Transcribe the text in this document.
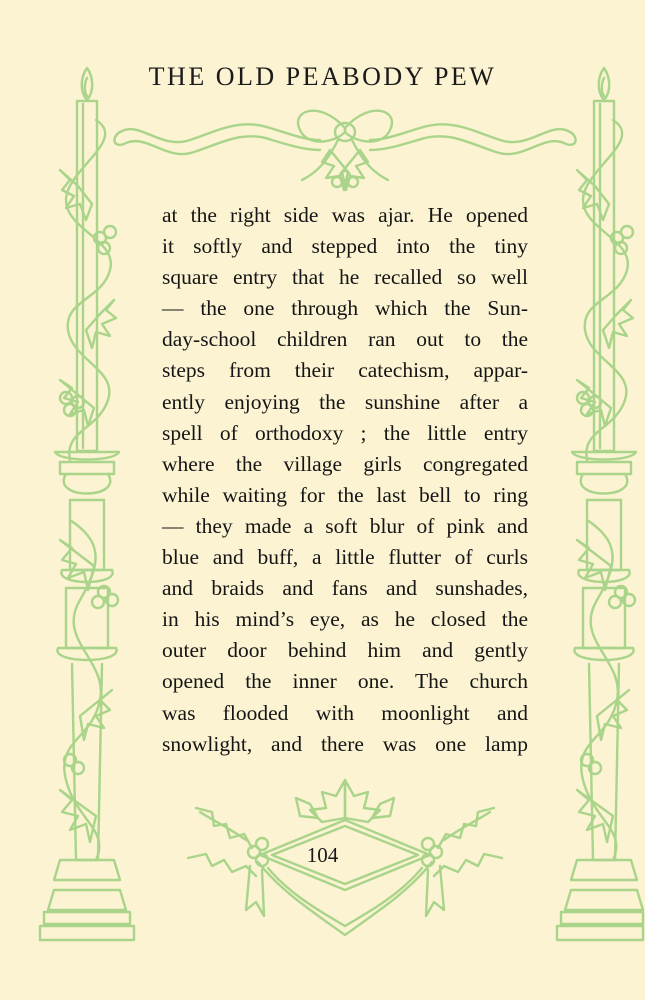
THE OLD PEABODY PEW
at the right side was ajar. He opened
it softly and stepped into the tiny
square entry that he recalled so well
— the one through which the Sun-
day-school children ran out to the
steps from their catechism, appar-
ently enjoying the sunshine after a
spell of orthodoxy ; the little entry
where the village girls congregated
while waiting for the last bell to ring
— they made a soft blur of pink and
blue and buff, a little flutter of curls
and braids and fans and sunshades,
in his mind’s eye, as he closed the
outer door behind him and gently
opened the inner one. The church
was flooded with moonlight and
snowlight, and there was one lamp
104
